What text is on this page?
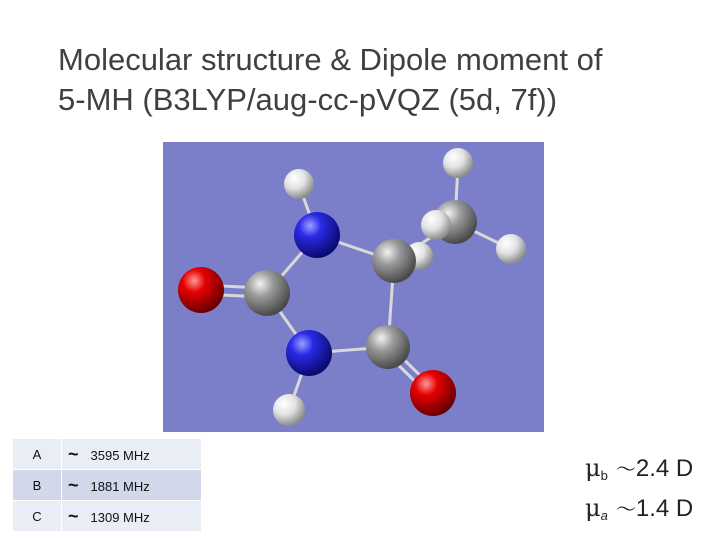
Molecular structure & Dipole moment of
5-MH (B3LYP/aug-cc-pVQZ (5d, 7f))
A	~ 3595 MHz
B	~ 1881 MHz
C	~ 1309 MHz
$\mu_b$ ～2.4 D
$\mu_a$ ～1.4 D
